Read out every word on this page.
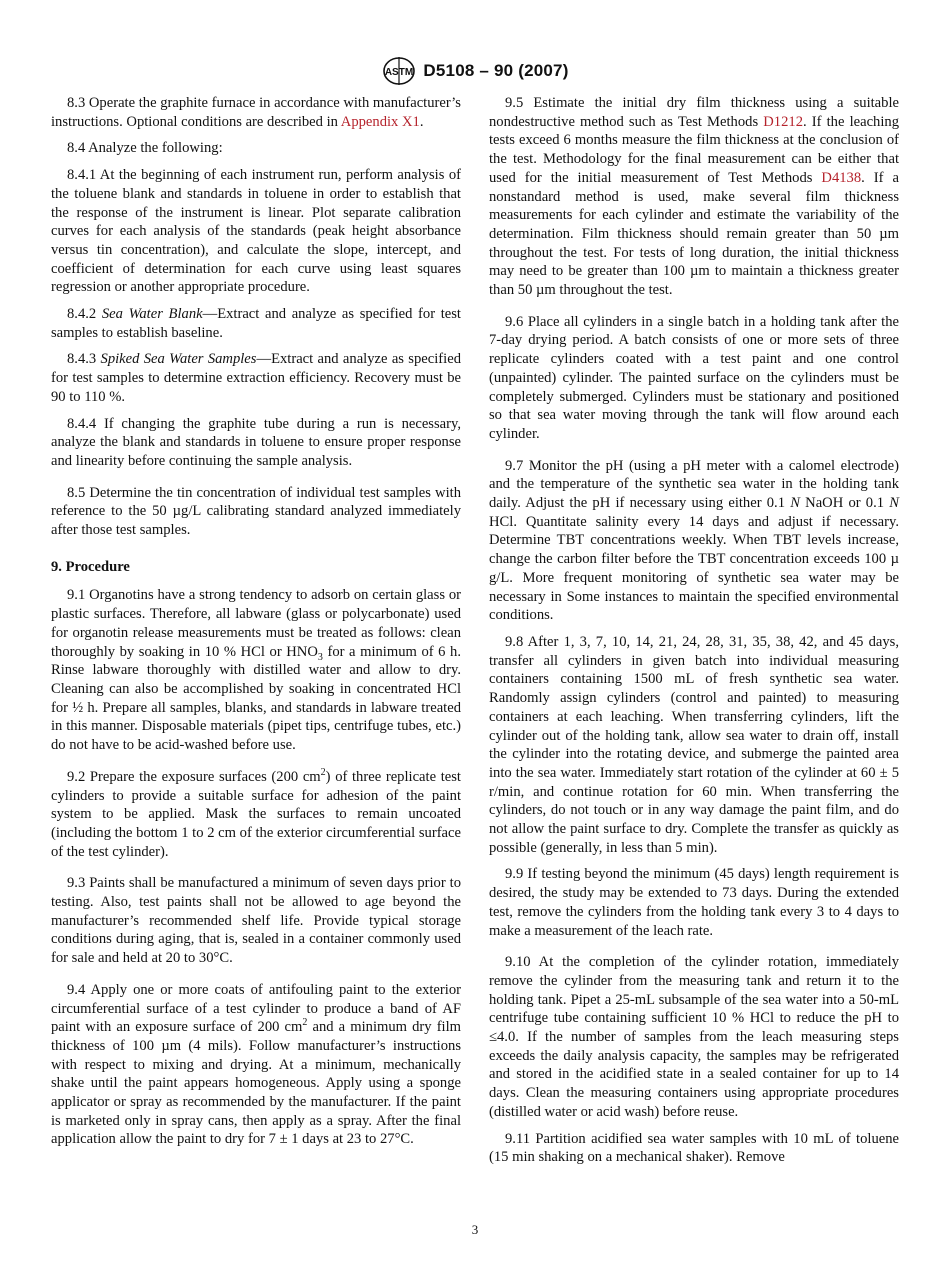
ASTM D5108 – 90 (2007)

8.3 Operate the graphite furnace in accordance with manufacturer’s instructions. Optional conditions are described in Appendix X1.

8.4 Analyze the following:

8.4.1 At the beginning of each instrument run, perform analysis of the toluene blank and standards in toluene in order to establish that the response of the instrument is linear. Plot separate calibration curves for each analysis of the standards (peak height absorbance versus tin concentration), and calculate the slope, intercept, and coefficient of determination for each curve using least squares regression or another appropriate procedure.

8.4.2 Sea Water Blank—Extract and analyze as specified for test samples to establish baseline.

8.4.3 Spiked Sea Water Samples—Extract and analyze as specified for test samples to determine extraction efficiency. Recovery must be 90 to 110 %.

8.4.4 If changing the graphite tube during a run is necessary, analyze the blank and standards in toluene to ensure proper response and linearity before continuing the sample analysis.

8.5 Determine the tin concentration of individual test samples with reference to the 50 µg/L calibrating standard analyzed immediately after those test samples.

9. Procedure

9.1 Organotins have a strong tendency to adsorb on certain glass or plastic surfaces. Therefore, all labware (glass or polycarbonate) used for organotin release measurements must be treated as follows: clean thoroughly by soaking in 10 % HCl or $HNO_3$ for a minimum of 6 h. Rinse labware thoroughly with distilled water and allow to dry. Cleaning can also be accomplished by soaking in concentrated HCl for ½ h. Prepare all samples, blanks, and standards in labware treated in this manner. Disposable materials (pipet tips, centrifuge tubes, etc.) do not have to be acid-washed before use.

9.2 Prepare the exposure surfaces (200 $cm^2$) of three replicate test cylinders to provide a suitable surface for adhesion of the paint system to be applied. Mask the surfaces to remain uncoated (including the bottom 1 to 2 cm of the exterior circumferential surface of the test cylinder).

9.3 Paints shall be manufactured a minimum of seven days prior to testing. Also, test paints shall not be allowed to age beyond the manufacturer’s recommended shelf life. Provide typical storage conditions during aging, that is, sealed in a container commonly used for sale and held at 20 to 30°C.

9.4 Apply one or more coats of antifouling paint to the exterior circumferential surface of a test cylinder to produce a band of AF paint with an exposure surface of 200 $cm^2$ and a minimum dry film thickness of 100 µm (4 mils). Follow manufacturer’s instructions with respect to mixing and drying. At a minimum, mechanically shake until the paint appears homogeneous. Apply using a sponge applicator or spray as recommended by the manufacturer. If the paint is marketed only in spray cans, then apply as a spray. After the final application allow the paint to dry for 7 ± 1 days at 23 to 27°C.

9.5 Estimate the initial dry film thickness using a suitable nondestructive method such as Test Methods D1212. If the leaching tests exceed 6 months measure the film thickness at the conclusion of the test. Methodology for the final measurement can be either that used for the initial measurement of Test Methods D4138. If a nonstandard method is used, make several film thickness measurements for each cylinder and estimate the variability of the determination. Film thickness should remain greater than 50 µm throughout the test. For tests of long duration, the initial thickness may need to be greater than 100 µm to maintain a thickness greater than 50 µm throughout the test.

9.6 Place all cylinders in a single batch in a holding tank after the 7-day drying period. A batch consists of one or more sets of three replicate cylinders coated with a test paint and one control (unpainted) cylinder. The painted surface on the cylinders must be completely submerged. Cylinders must be stationary and positioned so that sea water moving through the tank will flow around each cylinder.

9.7 Monitor the pH (using a pH meter with a calomel electrode) and the temperature of the synthetic sea water in the holding tank daily. Adjust the pH if necessary using either 0.1 N NaOH or 0.1 N HCl. Quantitate salinity every 14 days and adjust if necessary. Determine TBT concentrations weekly. When TBT levels increase, change the carbon filter before the TBT concentration exceeds 100 µ g/L. More frequent monitoring of synthetic sea water may be necessary in Some instances to maintain the specified environmental conditions.

9.8 After 1, 3, 7, 10, 14, 21, 24, 28, 31, 35, 38, 42, and 45 days, transfer all cylinders in given batch into individual measuring containers containing 1500 mL of fresh synthetic sea water. Randomly assign cylinders (control and painted) to measuring containers at each leaching. When transferring cylinders, lift the cylinder out of the holding tank, allow sea water to drain off, install the cylinder into the rotating device, and submerge the painted area into the sea water. Immediately start rotation of the cylinder at 60 ± 5 r/min, and continue rotation for 60 min. When transferring the cylinders, do not touch or in any way damage the paint film, and do not allow the paint surface to dry. Complete the transfer as quickly as possible (generally, in less than 5 min).

9.9 If testing beyond the minimum (45 days) length requirement is desired, the study may be extended to 73 days. During the extended test, remove the cylinders from the holding tank every 3 to 4 days to make a measurement of the leach rate.

9.10 At the completion of the cylinder rotation, immediately remove the cylinder from the measuring tank and return it to the holding tank. Pipet a 25-mL subsample of the sea water into a 50-mL centrifuge tube containing sufficient 10 % HCl to reduce the pH to ≤4.0. If the number of samples from the leach measuring steps exceeds the daily analysis capacity, the samples may be refrigerated and stored in the acidified state in a sealed container for up to 14 days. Clean the measuring containers using appropriate procedures (distilled water or acid wash) before reuse.

9.11 Partition acidified sea water samples with 10 mL of toluene (15 min shaking on a mechanical shaker). Remove

3
